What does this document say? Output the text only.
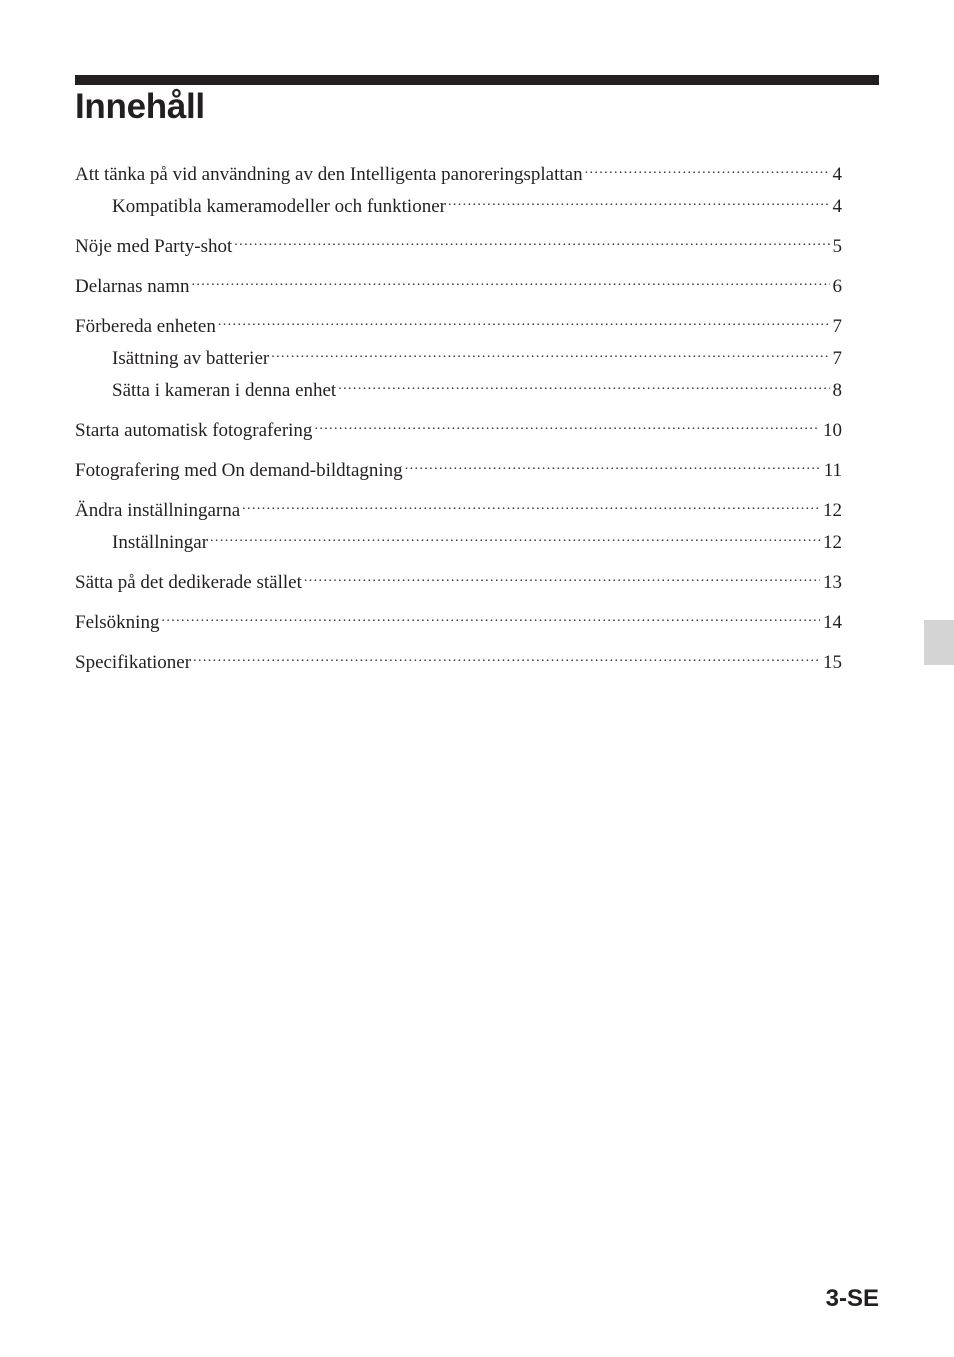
Innehåll
Att tänka på vid användning av den Intelligenta panoreringsplattan .....	4
Kompatibla kameramodeller och funktioner .....	4
Nöje med Party-shot .....	5
Delarnas namn .....	6
Förbereda enheten .....	7
Isättning av batterier .....	7
Sätta i kameran i denna enhet .....	8
Starta automatisk fotografering .....	10
Fotografering med On demand-bildtagning .....	11
Ändra inställningarna .....	12
Inställningar .....	12
Sätta på det dedikerade stället .....	13
Felsökning .....	14
Specifikationer .....	15
3-SE
